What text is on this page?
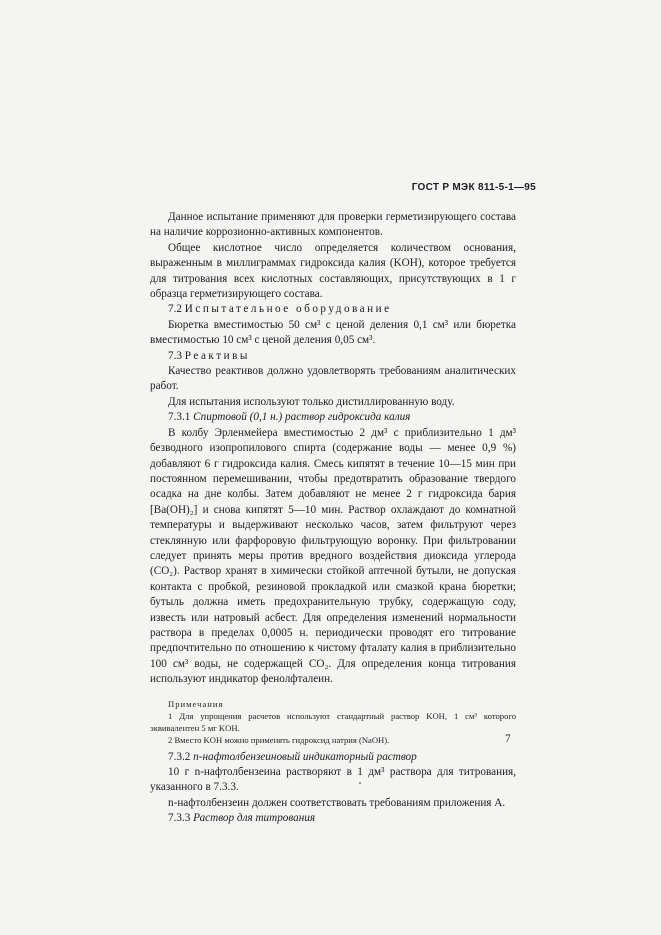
ГОСТ Р МЭК 811-5-1—95

Данное испытание применяют для проверки герметизирующего состава на наличие коррозионно-активных компонентов.

Общее кислотное число определяется количеством основания, выраженным в миллиграммах гидроксида калия (KOH), которое требуется для титрования всех кислотных составляющих, присутствующих в 1 г образца герметизирующего состава.

7.2 Испытательное оборудование

Бюретка вместимостью 50 см³ с ценой деления 0,1 см³ или бюретка вместимостью 10 см³ с ценой деления 0,05 см³.

7.3 Реактивы

Качество реактивов должно удовлетворять требованиям аналитических работ.

Для испытания используют только дистиллированную воду.

7.3.1 Спиртовой (0,1 н.) раствор гидроксида калия

В колбу Эрленмейера вместимостью 2 дм³ с приблизительно 1 дм³ безводного изопропилового спирта (содержание воды — менее 0,9 %) добавляют 6 г гидроксида калия. Смесь кипятят в течение 10—15 мин при постоянном перемешивании, чтобы предотвратить образование твердого осадка на дне колбы. Затем добавляют не менее 2 г гидроксида бария [Ba(OH)₂] и снова кипятят 5—10 мин. Раствор охлаждают до комнатной температуры и выдерживают несколько часов, затем фильтруют через стеклянную или фарфоровую фильтрующую воронку. При фильтровании следует принять меры против вредного воздействия диоксида углерода (CO₂). Раствор хранят в химически стойкой аптечной бутыли, не допуская контакта с пробкой, резиновой прокладкой или смазкой крана бюретки; бутыль должна иметь предохранительную трубку, содержащую соду, известь или натровый асбест. Для определения изменений нормальности раствора в пределах 0,0005 н. периодически проводят его титрование предпочтительно по отношению к чистому фталату калия в приблизительно 100 см³ воды, не содержащей CO₂. Для определения конца титрования используют индикатор фенолфталеин.

Примечания

1 Для упрощения расчетов используют стандартный раствор KOH, 1 см³ которого эквивалентен 5 мг KOH.

2 Вместо KOH можно применять гидроксид натрия (NaOH).

7.3.2 n-нафтолбензеиновый индикаторный раствор

10 г n-нафтолбензеина растворяют в 1 дм³ раствора для титрования, указанного в 7.3.3.

n-нафтолбензеин должен соответствовать требованиям приложения А.

7.3.3 Раствор для титрования

7
